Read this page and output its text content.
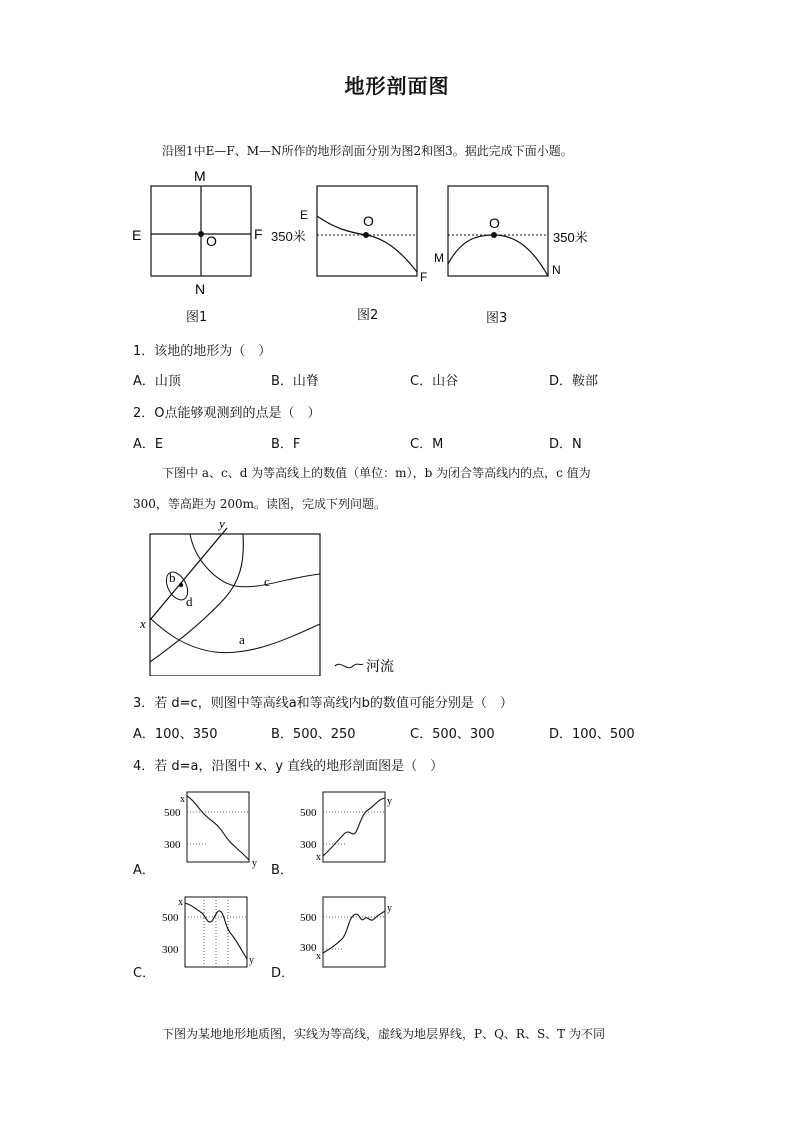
地形剖面图
沿图1中E—F、M—N所作的地形剖面分别为图2和图3。据此完成下面小题。
M
N
E	O	F
图1
E	O
F
350米
图2
O
M
N
350米
图3
1．该地的地形为（　）
A．山顶	B．山脊	C．山谷	D．鞍部
2．O点能够观测到的点是（　）
A．E	B．F	C．M	D．N
下图中 a、c、d 为等高线上的数值（单位：m），b 为闭合等高线内的点，c 值为
300，等高距为 200m。读图，完成下列问题。
y
x
b
d
c
a
河流
3．若 d=c，则图中等高线a和等高线内b的数值可能分别是（　）
A．100、350	B．500、250	C．500、300	D．100、500
4．若 d=a，沿图中 x、y 直线的地形剖面图是（　）
x
500
300
y
A．
500
300
x
y
B．
x
500
300
y
C．
500
300
x
y
D．
下图为某地地形地质图，实线为等高线，虚线为地层界线，P、Q、R、S、T 为不同
